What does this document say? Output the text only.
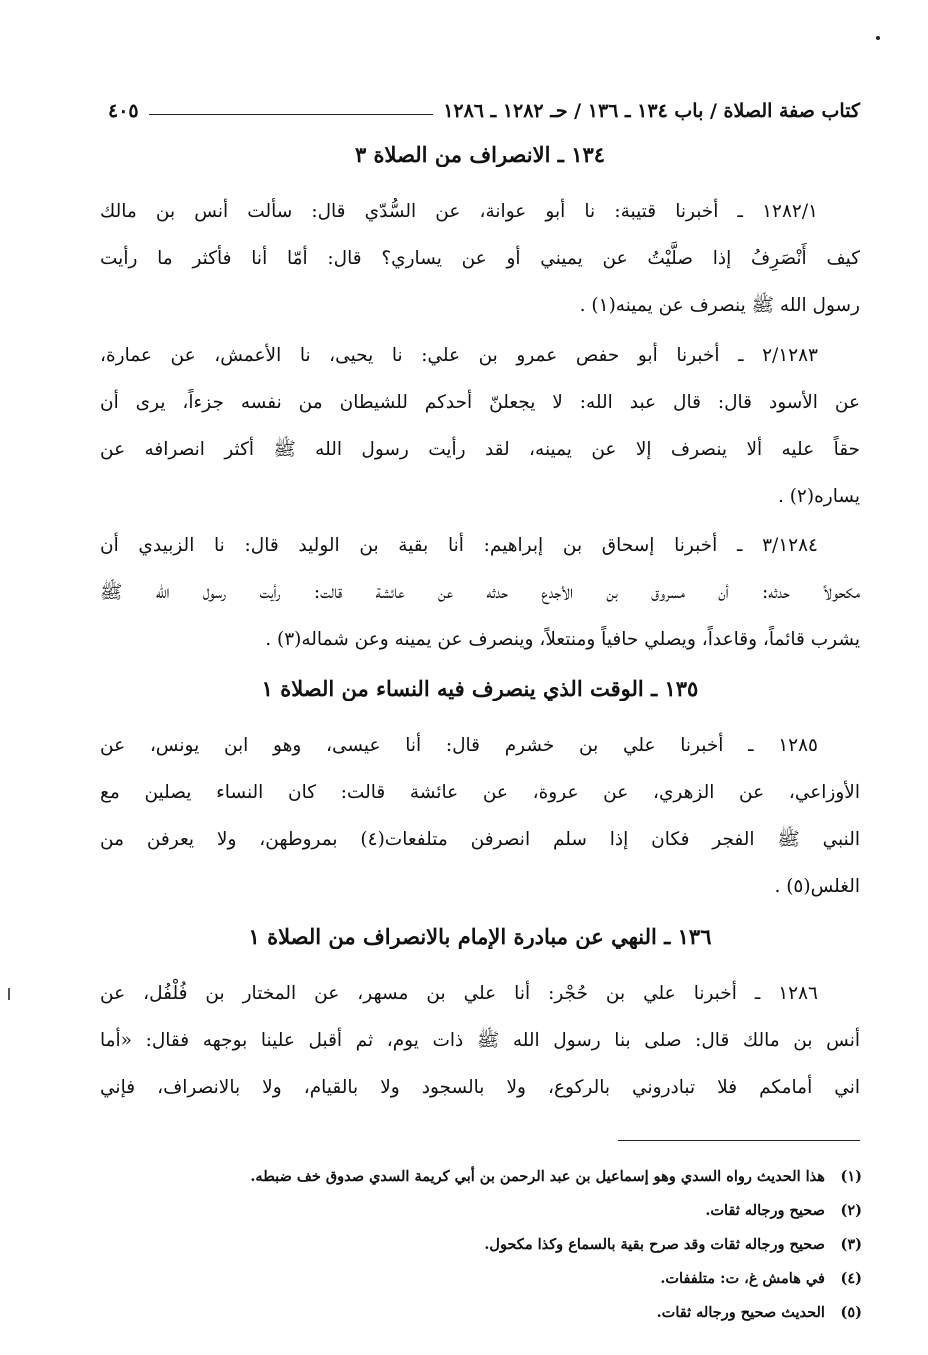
كتاب صفة الصلاة / باب ١٣٤ ـ ١٣٦ / حـ ١٢٨٢ ـ ١٢٨٦
٤٠٥
١٣٤ ـ الانصراف من الصلاة ٣
١٢٨٢/١ ـ أخبرنا قتيبة: نا أبو عوانة، عن السُّدّي قال: سألت أنس بن مالك
كيف أَنْصَرِفُ إذا صلَّيْتُ عن يميني أو عن يساري؟ قال: أمّا أنا فأكثر ما رأيت
رسول الله ﷺ ينصرف عن يمينه(١) .
٢/١٢٨٣ ـ أخبرنا أبو حفص عمرو بن علي: نا يحيى، نا الأعمش، عن عمارة،
عن الأسود قال: قال عبد الله: لا يجعلنّ أحدكم للشيطان من نفسه جزءاً، يرى أن
حقاً عليه ألا ينصرف إلا عن يمينه، لقد رأيت رسول الله ﷺ أكثر انصرافه عن
يساره(٢) .
٣/١٢٨٤ ـ أخبرنا إسحاق بن إبراهيم: أنا بقية بن الوليد قال: نا الزبيدي أن
مكحولاً حدثه: أن مسروق بن الأجدع حدثه عن عائشة قالت: رأيت رسول الله ﷺ
يشرب قائماً، وقاعداً، ويصلي حافياً ومنتعلاً، وينصرف عن يمينه وعن شماله(٣) .
١٣٥ ـ الوقت الذي ينصرف فيه النساء من الصلاة ١
١٢٨٥ ـ أخبرنا علي بن خشرم قال: أنا عيسى، وهو ابن يونس، عن
الأوزاعي، عن الزهري، عن عروة، عن عائشة قالت: كان النساء يصلين مع
النبي ﷺ الفجر فكان إذا سلم انصرفن متلفعات(٤) بمروطهن، ولا يعرفن من
الغلس(٥) .
١٣٦ ـ النهي عن مبادرة الإمام بالانصراف من الصلاة ١
١٢٨٦ ـ أخبرنا علي بن حُجْر: أنا علي بن مسهر، عن المختار بن فُلْفُل، عن
أنس بن مالك قال: صلى بنا رسول الله ﷺ ذات يوم، ثم أقبل علينا بوجهه فقال: «أما
اني أمامكم فلا تبادروني بالركوع، ولا بالسجود ولا بالقيام، ولا بالانصراف، فإني
(١) هذا الحديث رواه السدي وهو إسماعيل بن عبد الرحمن بن أبي كريمة السدي صدوق خف ضبطه.
(٢) صحيح ورجاله ثقات.
(٣) صحيح ورجاله ثقات وقد صرح بقية بالسماع وكذا مكحول.
(٤) في هامش غ، ت: متلففات.
(٥) الحديث صحيح ورجاله ثقات.
